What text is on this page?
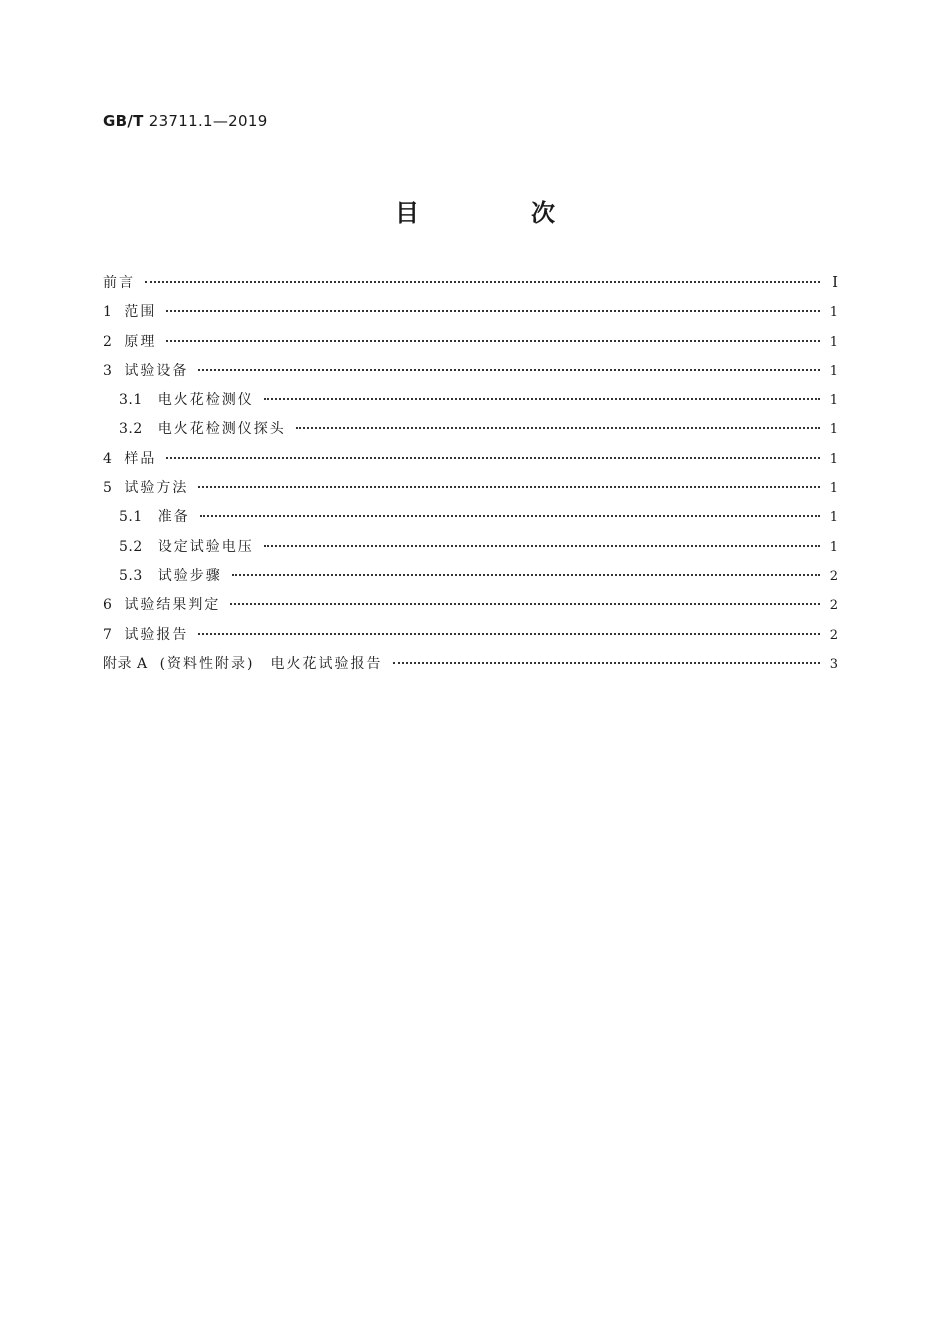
GB/T 23711.1—2019
目　次
前言	I
1 范围	1
2 原理	1
3 试验设备	1
3.1 电火花检测仪	1
3.2 电火花检测仪探头	1
4 样品	1
5 试验方法	1
5.1 准备	1
5.2 设定试验电压	1
5.3 试验步骤	2
6 试验结果判定	2
7 试验报告	2
附录 A (资料性附录)　电火花试验报告	3
